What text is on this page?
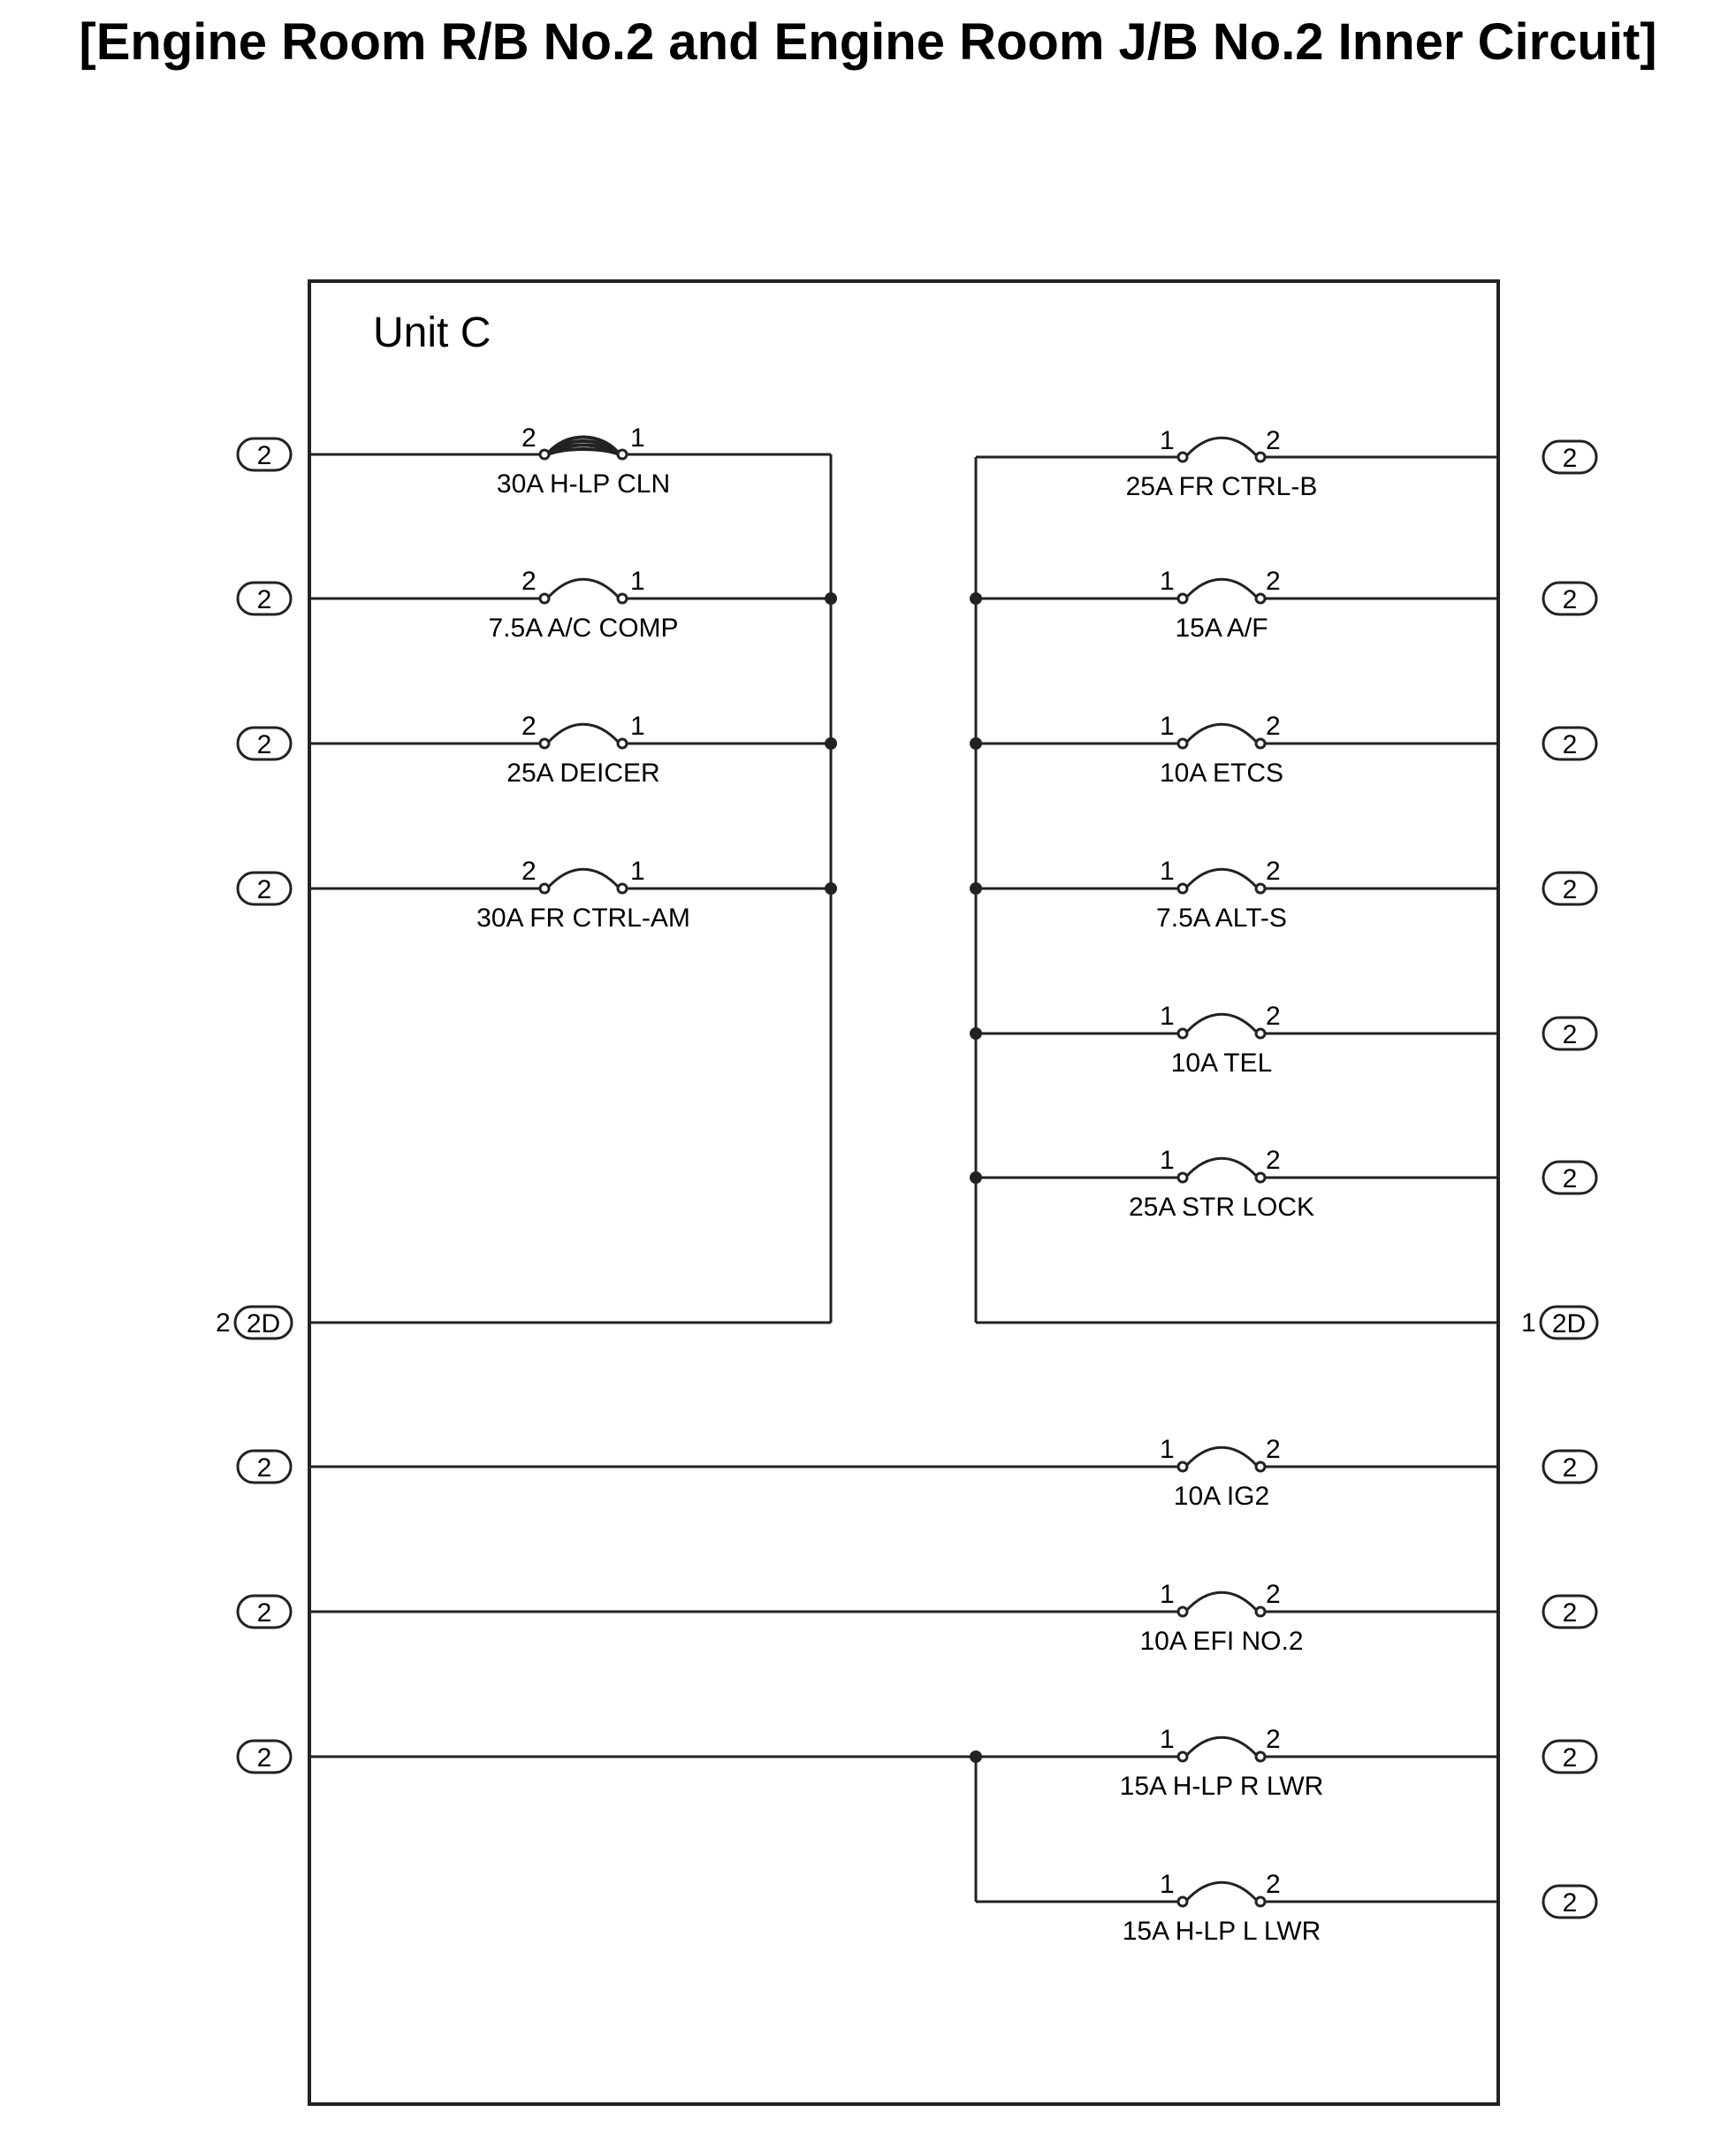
[Engine Room R/B No.2 and Engine Room J/B No.2 Inner Circuit]
Unit C
2
2
2
2
2D
2
2
2
2
2
2
2
2
2
2
2D
2
2
2
2
1
2	1
2	1
2	1
2	1
30A H-LP CLN
7.5A A/C COMP
25A DEICER
30A FR CTRL-AM
1	2
1	2
1	2
1	2
1	2
1	2
25A FR CTRL-B
15A A/F
10A ETCS
7.5A ALT-S
10A TEL
25A STR LOCK
1	2
1	2
1	2
1	2
10A IG2
10A EFI NO.2
15A H-LP R LWR
15A H-LP L LWR
